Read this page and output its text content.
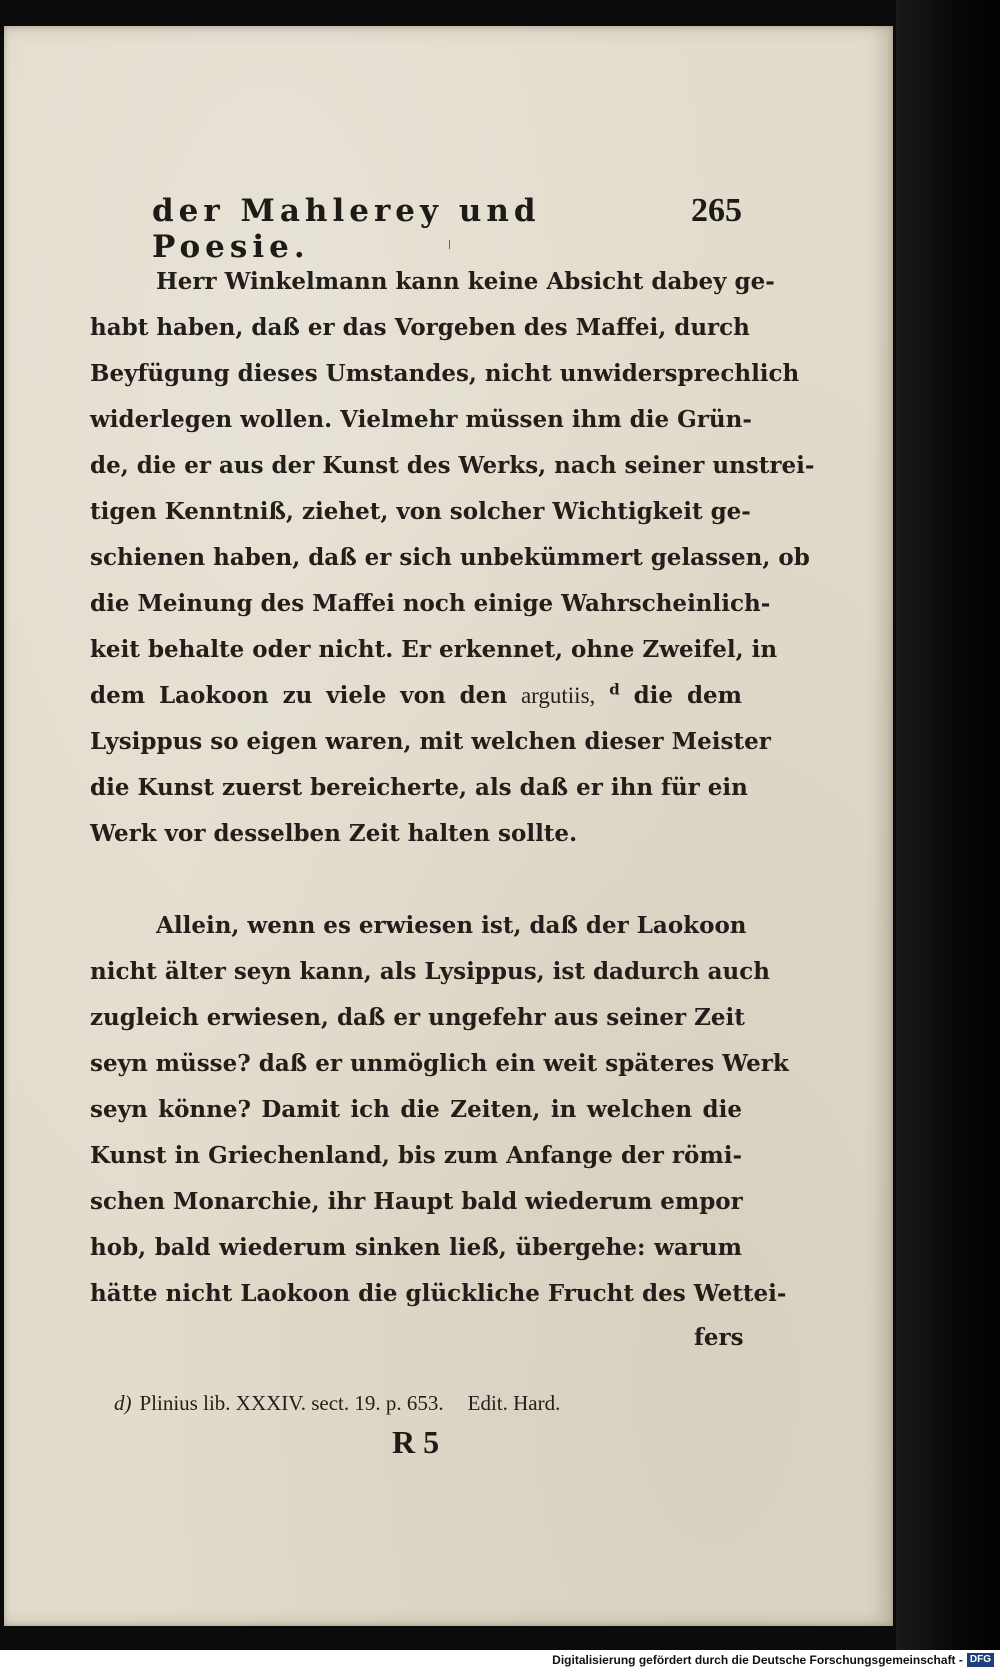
der Mahlerey und Poesie.
265
Herr Winkelmann kann keine Absicht dabey ge-
habt haben, daß er das Vorgeben des Maffei, durch
Beyfügung dieses Umstandes, nicht unwidersprechlich
widerlegen wollen. Vielmehr müssen ihm die Grün-
de, die er aus der Kunst des Werks, nach seiner unstrei-
tigen Kenntniß, ziehet, von solcher Wichtigkeit ge-
schienen haben, daß er sich unbekümmert gelassen, ob
die Meinung des Maffei noch einige Wahrscheinlich-
keit behalte oder nicht. Er erkennet, ohne Zweifel, in
dem Laokoon zu viele von den argutiis, $^d$ die dem
Lysippus so eigen waren, mit welchen dieser Meister
die Kunst zuerst bereicherte, als daß er ihn für ein
Werk vor desselben Zeit halten sollte.
Allein, wenn es erwiesen ist, daß der Laokoon
nicht älter seyn kann, als Lysippus, ist dadurch auch
zugleich erwiesen, daß er ungefehr aus seiner Zeit
seyn müsse? daß er unmöglich ein weit späteres Werk
seyn könne? Damit ich die Zeiten, in welchen die
Kunst in Griechenland, bis zum Anfange der römi-
schen Monarchie, ihr Haupt bald wiederum empor
hob, bald wiederum sinken ließ, übergehe: warum
hätte nicht Laokoon die glückliche Frucht des Wettei-
fers
d) Plinius lib. XXXIV. sect. 19. p. 653. Edit. Hard.
R 5
Digitalisierung gefördert durch die Deutsche Forschungsgemeinschaft - DFG
